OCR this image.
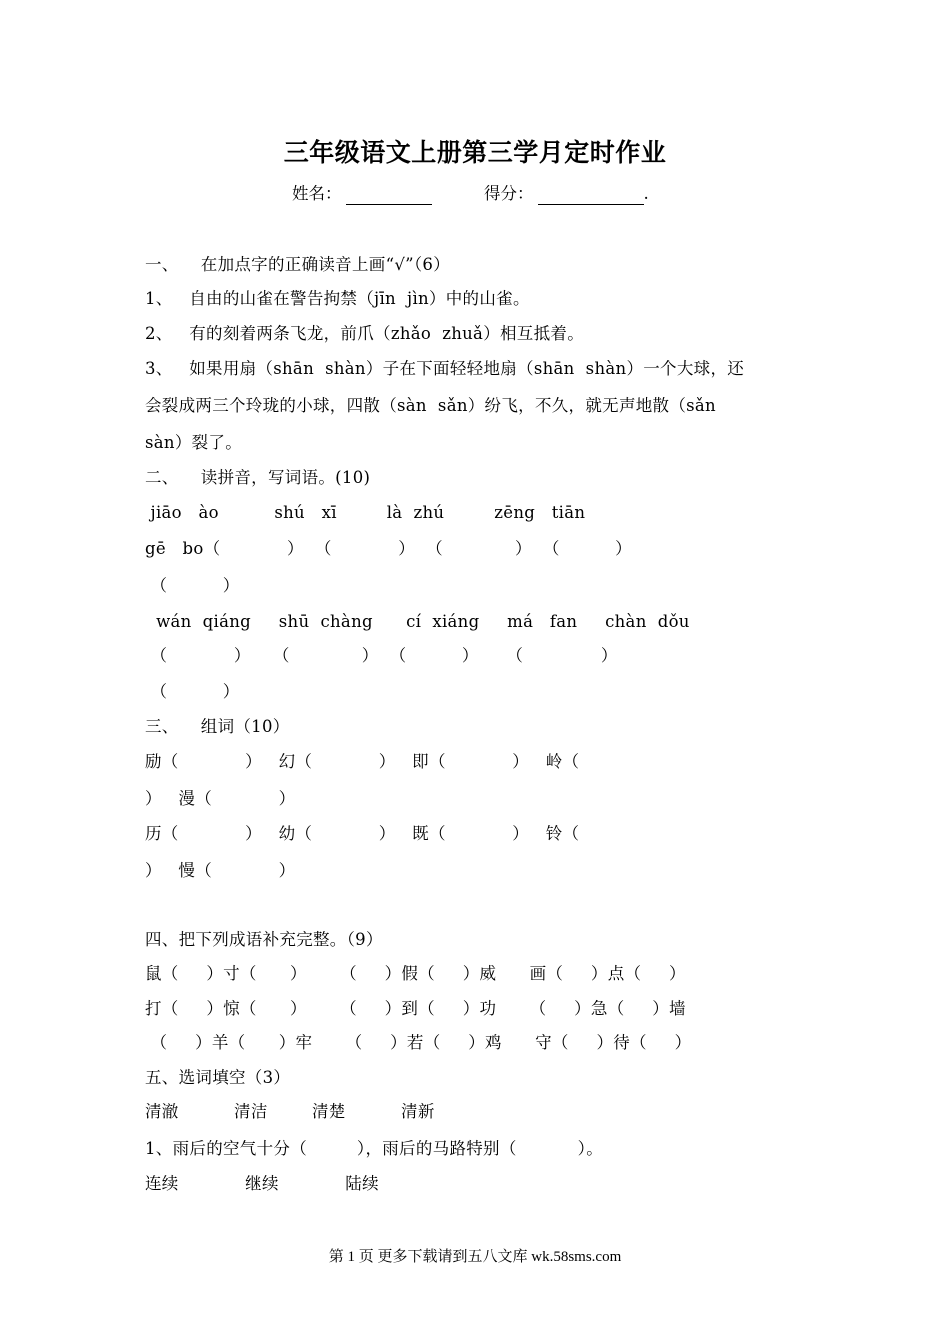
三年级语文上册第三学月定时作业
姓名：	得分：	.
一、    在加点字的正确读音上画“√”（6）
1、   自由的山雀在警告拘禁（jīn  jìn）中的山雀。
2、   有的刻着两条飞龙，前爪（zhǎo  zhuǎ）相互抵着。
3、   如果用扇（shān  shàn）子在下面轻轻地扇（shān  shàn）一个大球，还
会裂成两三个玲珑的小球，四散（sàn  sǎn）纷飞，不久，就无声地散（sǎn
sàn）裂了。
二、    读拼音，写词语。(10)
jiāo   ào          shú   xī         là  zhú         zēng   tiān
gē   bo（            ）  （            ）  （             ）  （          ）
（          ）
wán  qiáng     shū  chàng      cí  xiáng     má   fan     chàn  dǒu
（            ）    （             ）  （          ）     （              ）
（          ）
三、    组词（10）
励（            ）   幻（            ）   即（            ）   岭（
）   漫（            ）
历（            ）   幼（            ）   既（            ）   铃（
）   慢（            ）
四、把下列成语补充完整。（9）
鼠（     ）寸（      ）      （     ）假（     ）威      画（     ）点（     ）
打（     ）惊（      ）      （     ）到（     ）功      （     ）急（     ）墙
（     ）羊（      ）牢      （     ）若（     ）鸡      守（     ）待（     ）
五、选词填空（3）
清澈          清洁        清楚          清新
1、雨后的空气十分（         ），雨后的马路特别（           ）。
连续            继续            陆续
第 1 页 更多下载请到五八文库 wk.58sms.com
